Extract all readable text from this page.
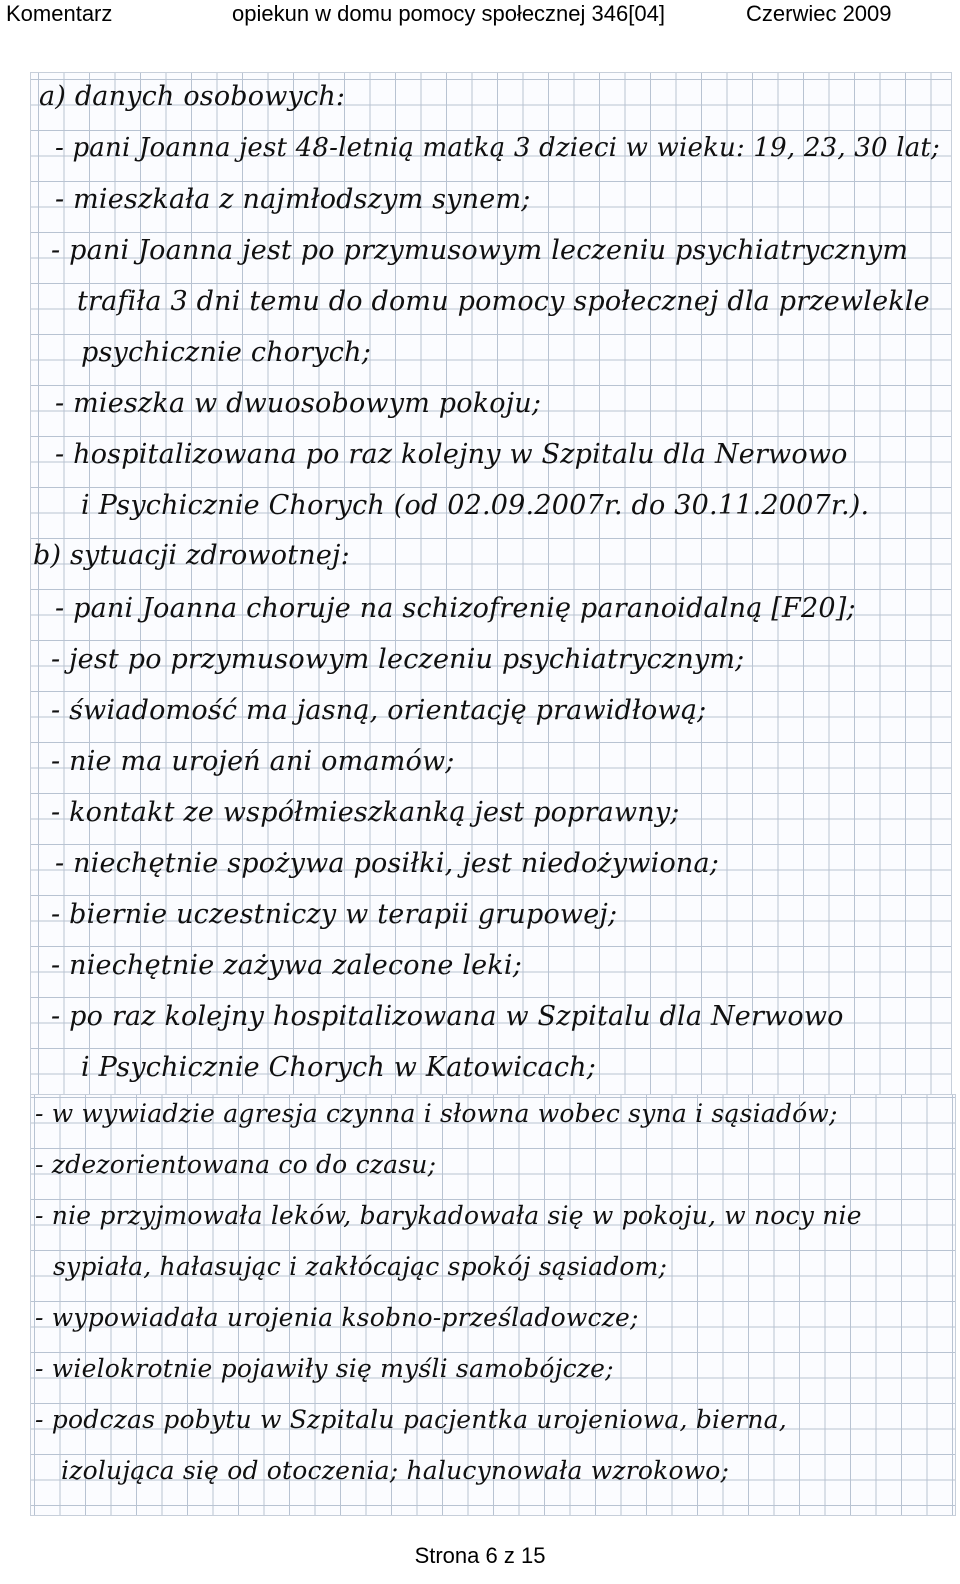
Komentarz	opiekun w domu pomocy społecznej 346[04]	Czerwiec 2009

a) danych osobowych:

- pani Joanna jest 48-letnią matką 3 dzieci w wieku: 19, 23, 30 lat;

- mieszkała z najmłodszym synem;

- pani Joanna jest po przymusowym leczeniu psychiatrycznym

trafiła 3 dni temu do domu pomocy społecznej dla przewlekle

psychicznie chorych;

- mieszka w dwuosobowym pokoju;

- hospitalizowana po raz kolejny w Szpitalu dla Nerwowo

i Psychicznie Chorych (od 02.09.2007r. do 30.11.2007r.).

b) sytuacji zdrowotnej:

- pani Joanna choruje na schizofrenię paranoidalną [F20];

- jest po przymusowym leczeniu psychiatrycznym;

- świadomość ma jasną, orientację prawidłową;

- nie ma urojeń ani omamów;

- kontakt ze współmieszkanką jest poprawny;

- niechętnie spożywa posiłki, jest niedożywiona;

- biernie uczestniczy w terapii grupowej;

- niechętnie zażywa zalecone leki;

- po raz kolejny hospitalizowana w Szpitalu dla Nerwowo

i Psychicznie Chorych w Katowicach;

- w wywiadzie agresja czynna i słowna wobec syna i sąsiadów;

- zdezorientowana co do czasu;

- nie przyjmowała leków, barykadowała się w pokoju, w nocy nie

sypiała, hałasując i zakłócając spokój sąsiadom;

- wypowiadała urojenia ksobno-prześladowcze;

- wielokrotnie pojawiły się myśli samobójcze;

- podczas pobytu w Szpitalu pacjentka urojeniowa, bierna,

izolująca się od otoczenia; halucynowała wzrokowo;

Strona 6 z 15
